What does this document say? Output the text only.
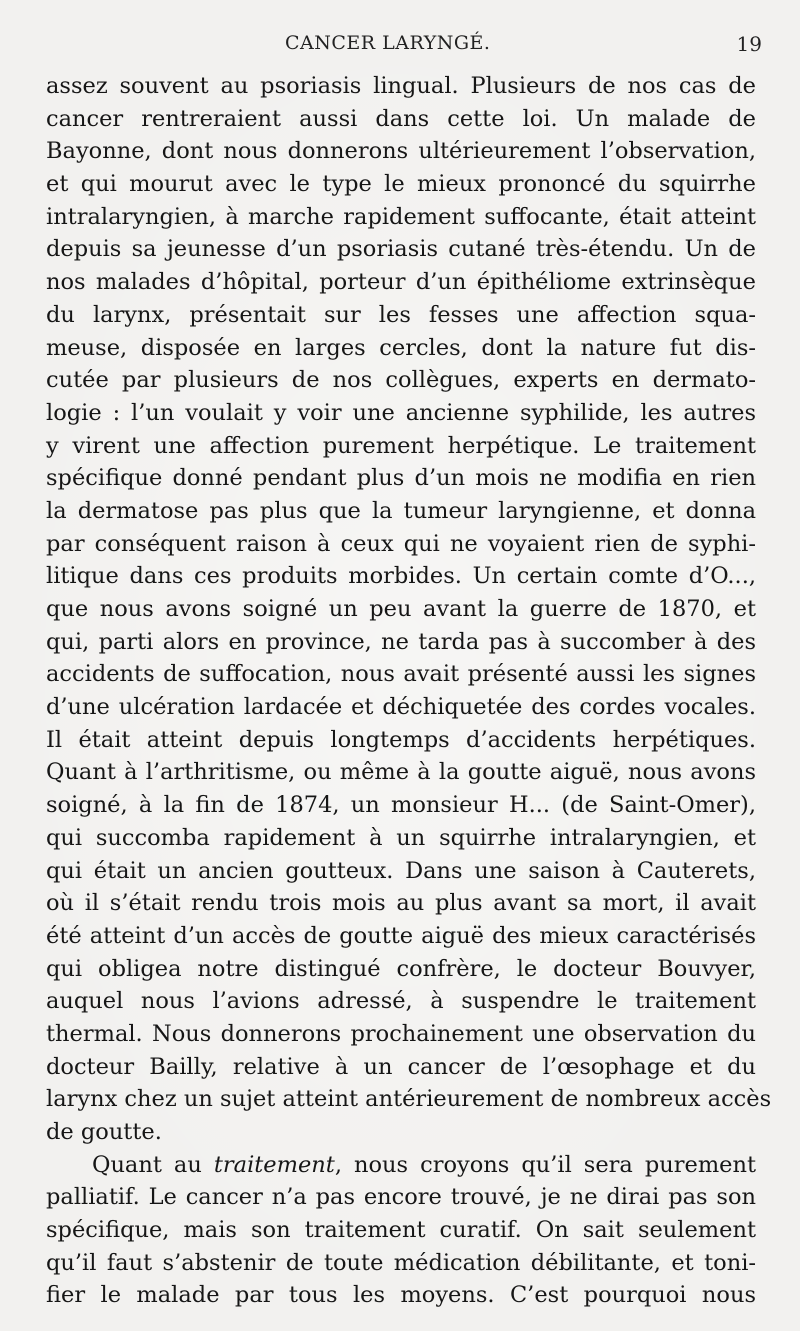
CANCER LARYNGÉ.	19
assez souvent au psoriasis lingual. Plusieurs de nos cas de
cancer rentreraient aussi dans cette loi. Un malade de
Bayonne, dont nous donnerons ultérieurement l’observation,
et qui mourut avec le type le mieux prononcé du squirrhe
intralaryngien, à marche rapidement suffocante, était atteint
depuis sa jeunesse d’un psoriasis cutané très-étendu. Un de
nos malades d’hôpital, porteur d’un épithéliome extrinsèque
du larynx, présentait sur les fesses une affection squa-
meuse, disposée en larges cercles, dont la nature fut dis-
cutée par plusieurs de nos collègues, experts en dermato-
logie : l’un voulait y voir une ancienne syphilide, les autres
y virent une affection purement herpétique. Le traitement
spécifique donné pendant plus d’un mois ne modifia en rien
la dermatose pas plus que la tumeur laryngienne, et donna
par conséquent raison à ceux qui ne voyaient rien de syphi-
litique dans ces produits morbides. Un certain comte d’O...,
que nous avons soigné un peu avant la guerre de 1870, et
qui, parti alors en province, ne tarda pas à succomber à des
accidents de suffocation, nous avait présenté aussi les signes
d’une ulcération lardacée et déchiquetée des cordes vocales.
Il était atteint depuis longtemps d’accidents herpétiques.
Quant à l’arthritisme, ou même à la goutte aiguë, nous avons
soigné, à la fin de 1874, un monsieur H... (de Saint-Omer),
qui succomba rapidement à un squirrhe intralaryngien, et
qui était un ancien goutteux. Dans une saison à Cauterets,
où il s’était rendu trois mois au plus avant sa mort, il avait
été atteint d’un accès de goutte aiguë des mieux caractérisés
qui obligea notre distingué confrère, le docteur Bouvyer,
auquel nous l’avions adressé, à suspendre le traitement
thermal. Nous donnerons prochainement une observation du
docteur Bailly, relative à un cancer de l’œsophage et du
larynx chez un sujet atteint antérieurement de nombreux accès
de goutte.
Quant au traitement, nous croyons qu’il sera purement
palliatif. Le cancer n’a pas encore trouvé, je ne dirai pas son
spécifique, mais son traitement curatif. On sait seulement
qu’il faut s’abstenir de toute médication débilitante, et toni-
fier le malade par tous les moyens. C’est pourquoi nous
